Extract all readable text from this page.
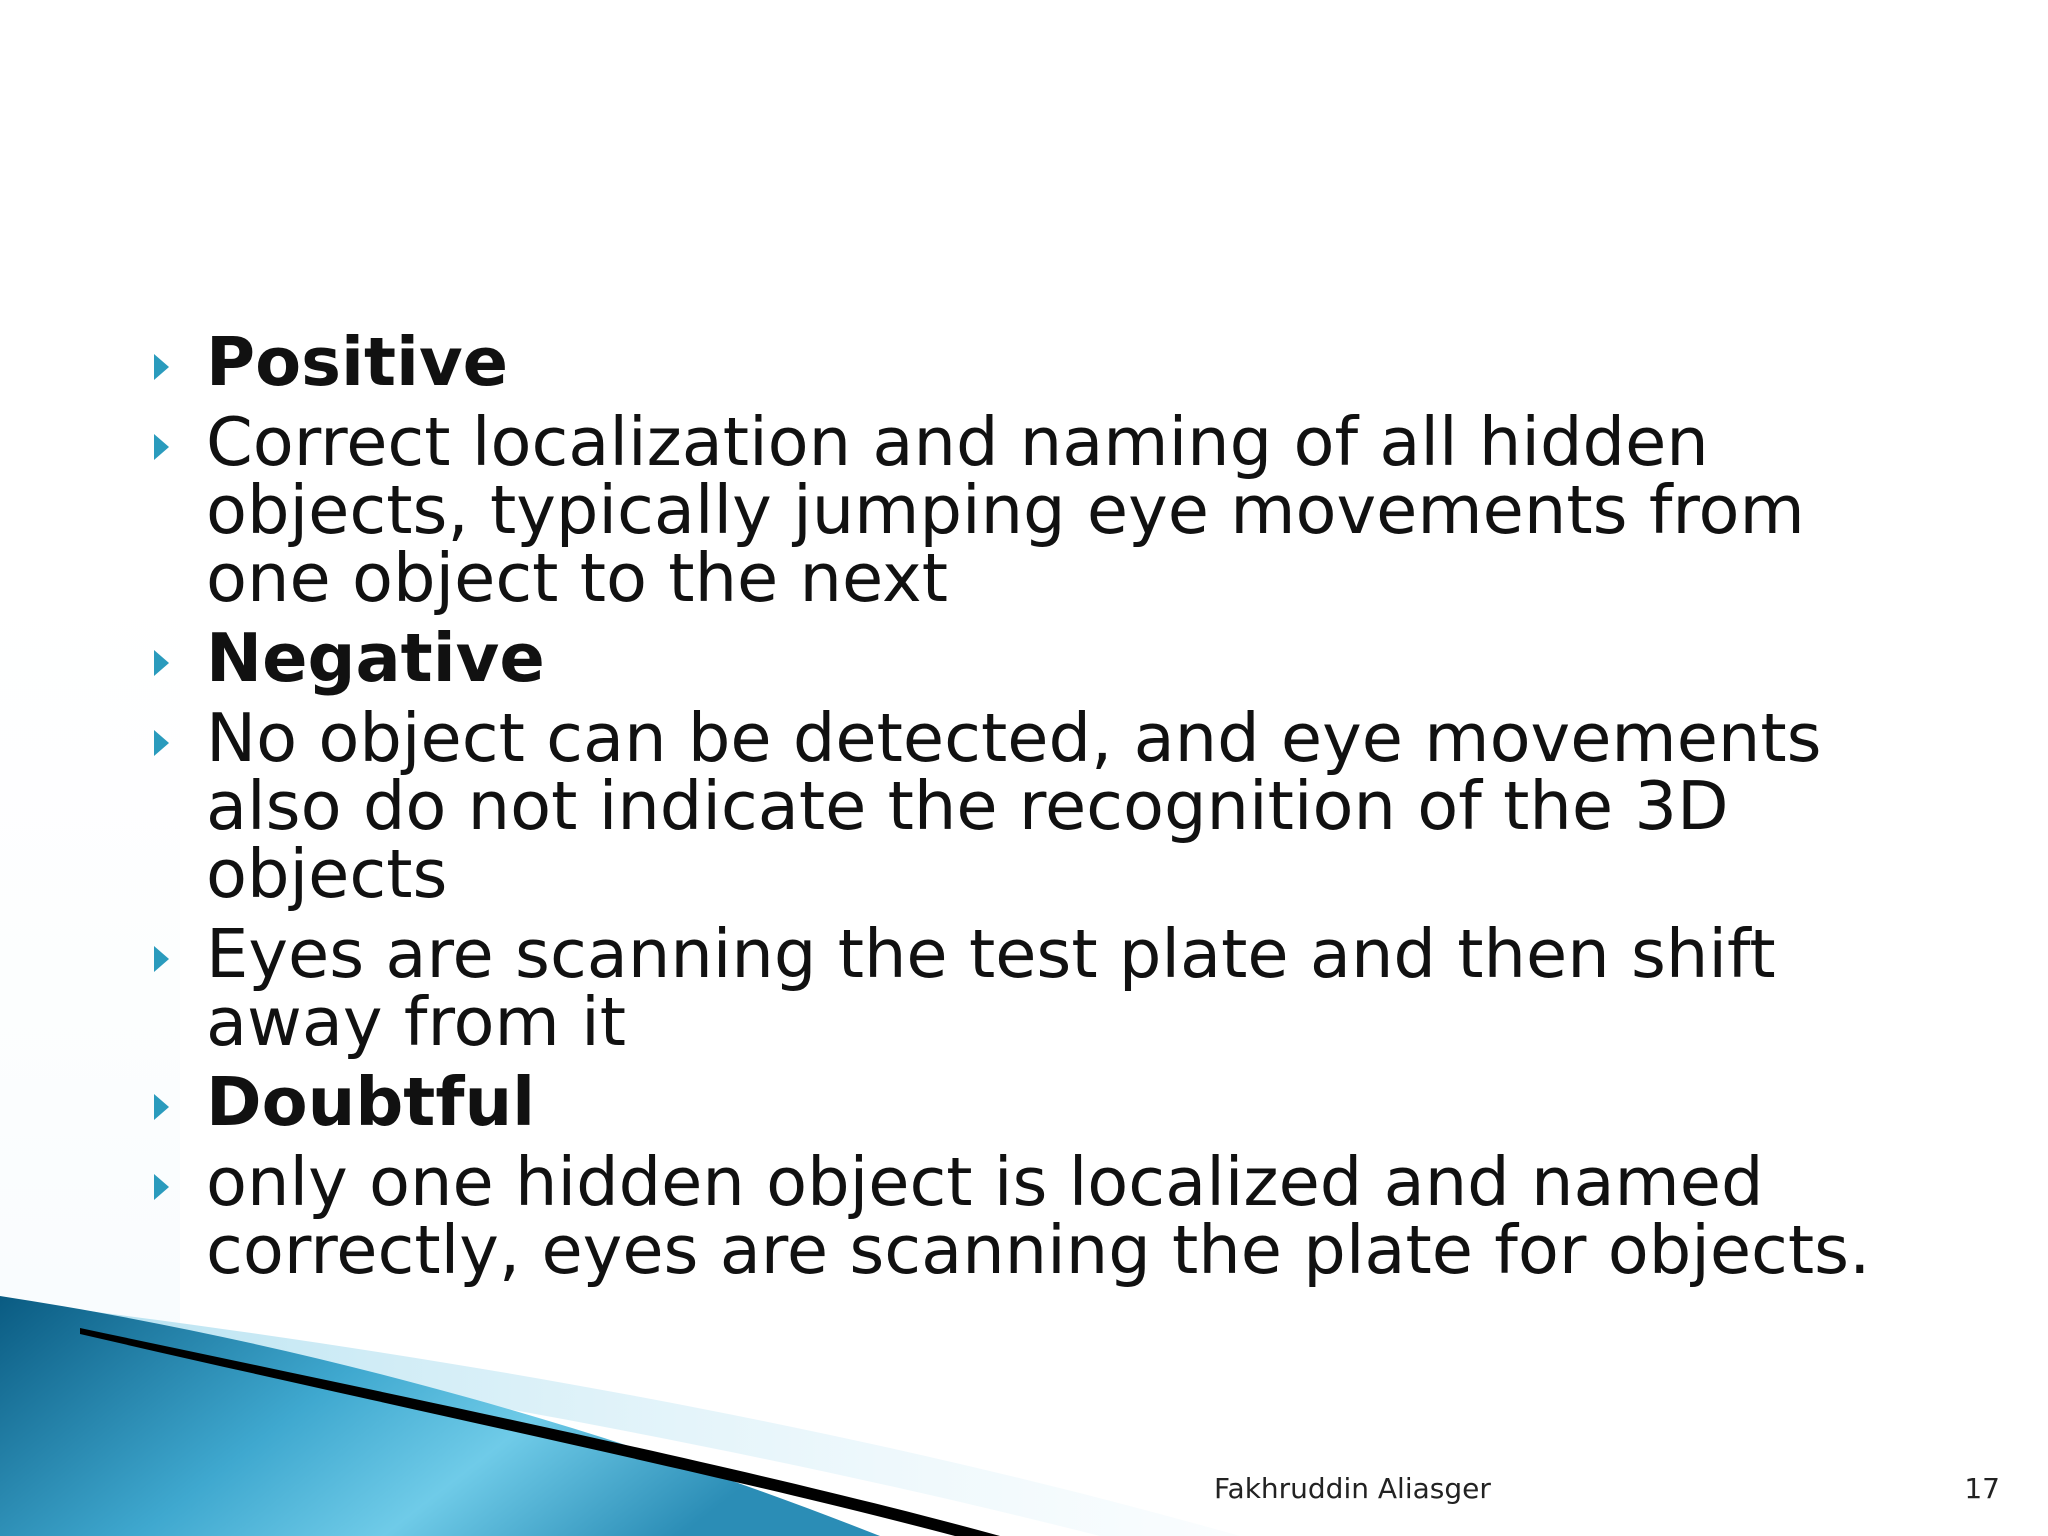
Positive
Correct localization and naming of all hidden
objects, typically jumping eye movements from
one object to the next
Negative
No object can be detected, and eye movements
also do not indicate the recognition of the 3D
objects
Eyes are scanning the test plate and then shift
away from it
Doubtful
only one hidden object is localized and named
correctly, eyes are scanning the plate for objects.
Fakhruddin Aliasger	17
